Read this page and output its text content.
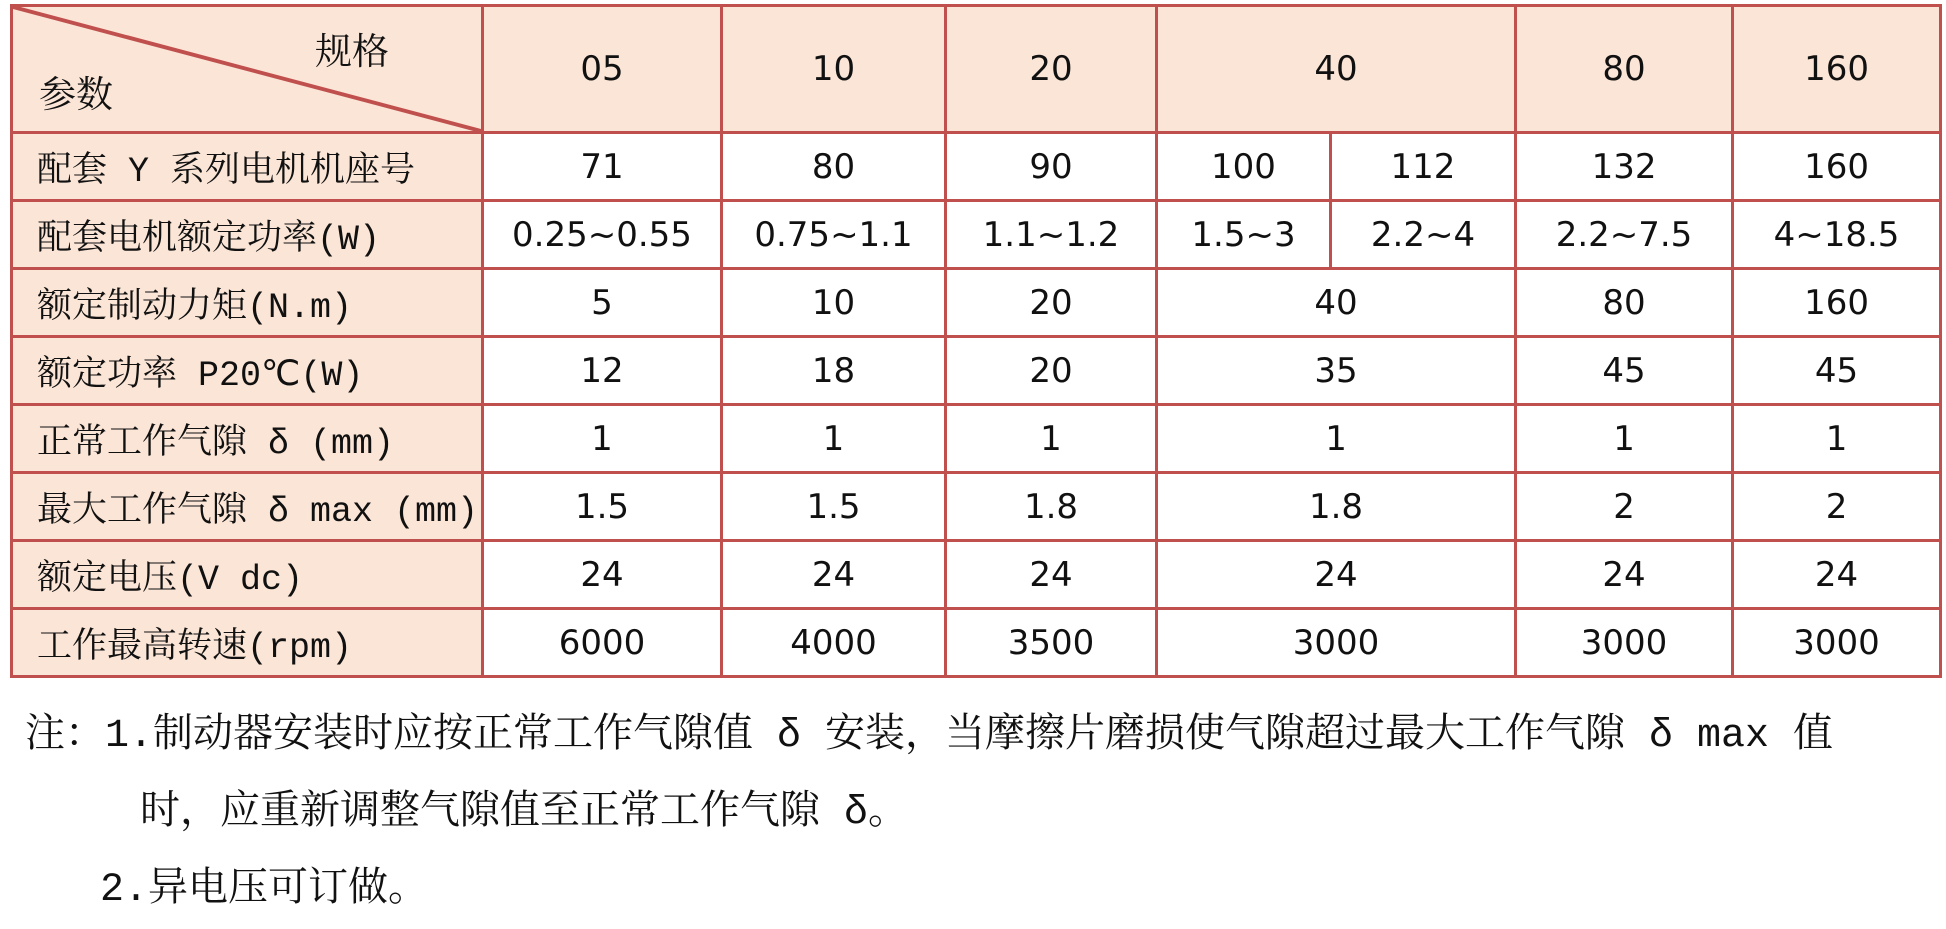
规格
参数	05	10	20	40		80	160
配套 Y 系列电机机座号	71	80	90	100	112	132	160
配套电机额定功率(W)	0.25~0.55	0.75~1.1	1.1~1.2	1.5~3	2.2~4	2.2~7.5	4~18.5
额定制动力矩(N.m)	5	10	20	40		80	160
额定功率 P20℃(W)	12	18	20	35		45	45
正常工作气隙 δ (mm)	1	1	1	1		1	1
最大工作气隙 δ max (mm)	1.5	1.5	1.8	1.8		2	2
额定电压(V dc)	24	24	24	24		24	24
工作最高转速(rpm)	6000	4000	3500	3000		3000	3000
注：1.制动器安装时应按正常工作气隙值 δ 安装，当摩擦片磨损使气隙超过最大工作气隙 δ max 值
时，应重新调整气隙值至正常工作气隙 δ。
2.异电压可订做。
